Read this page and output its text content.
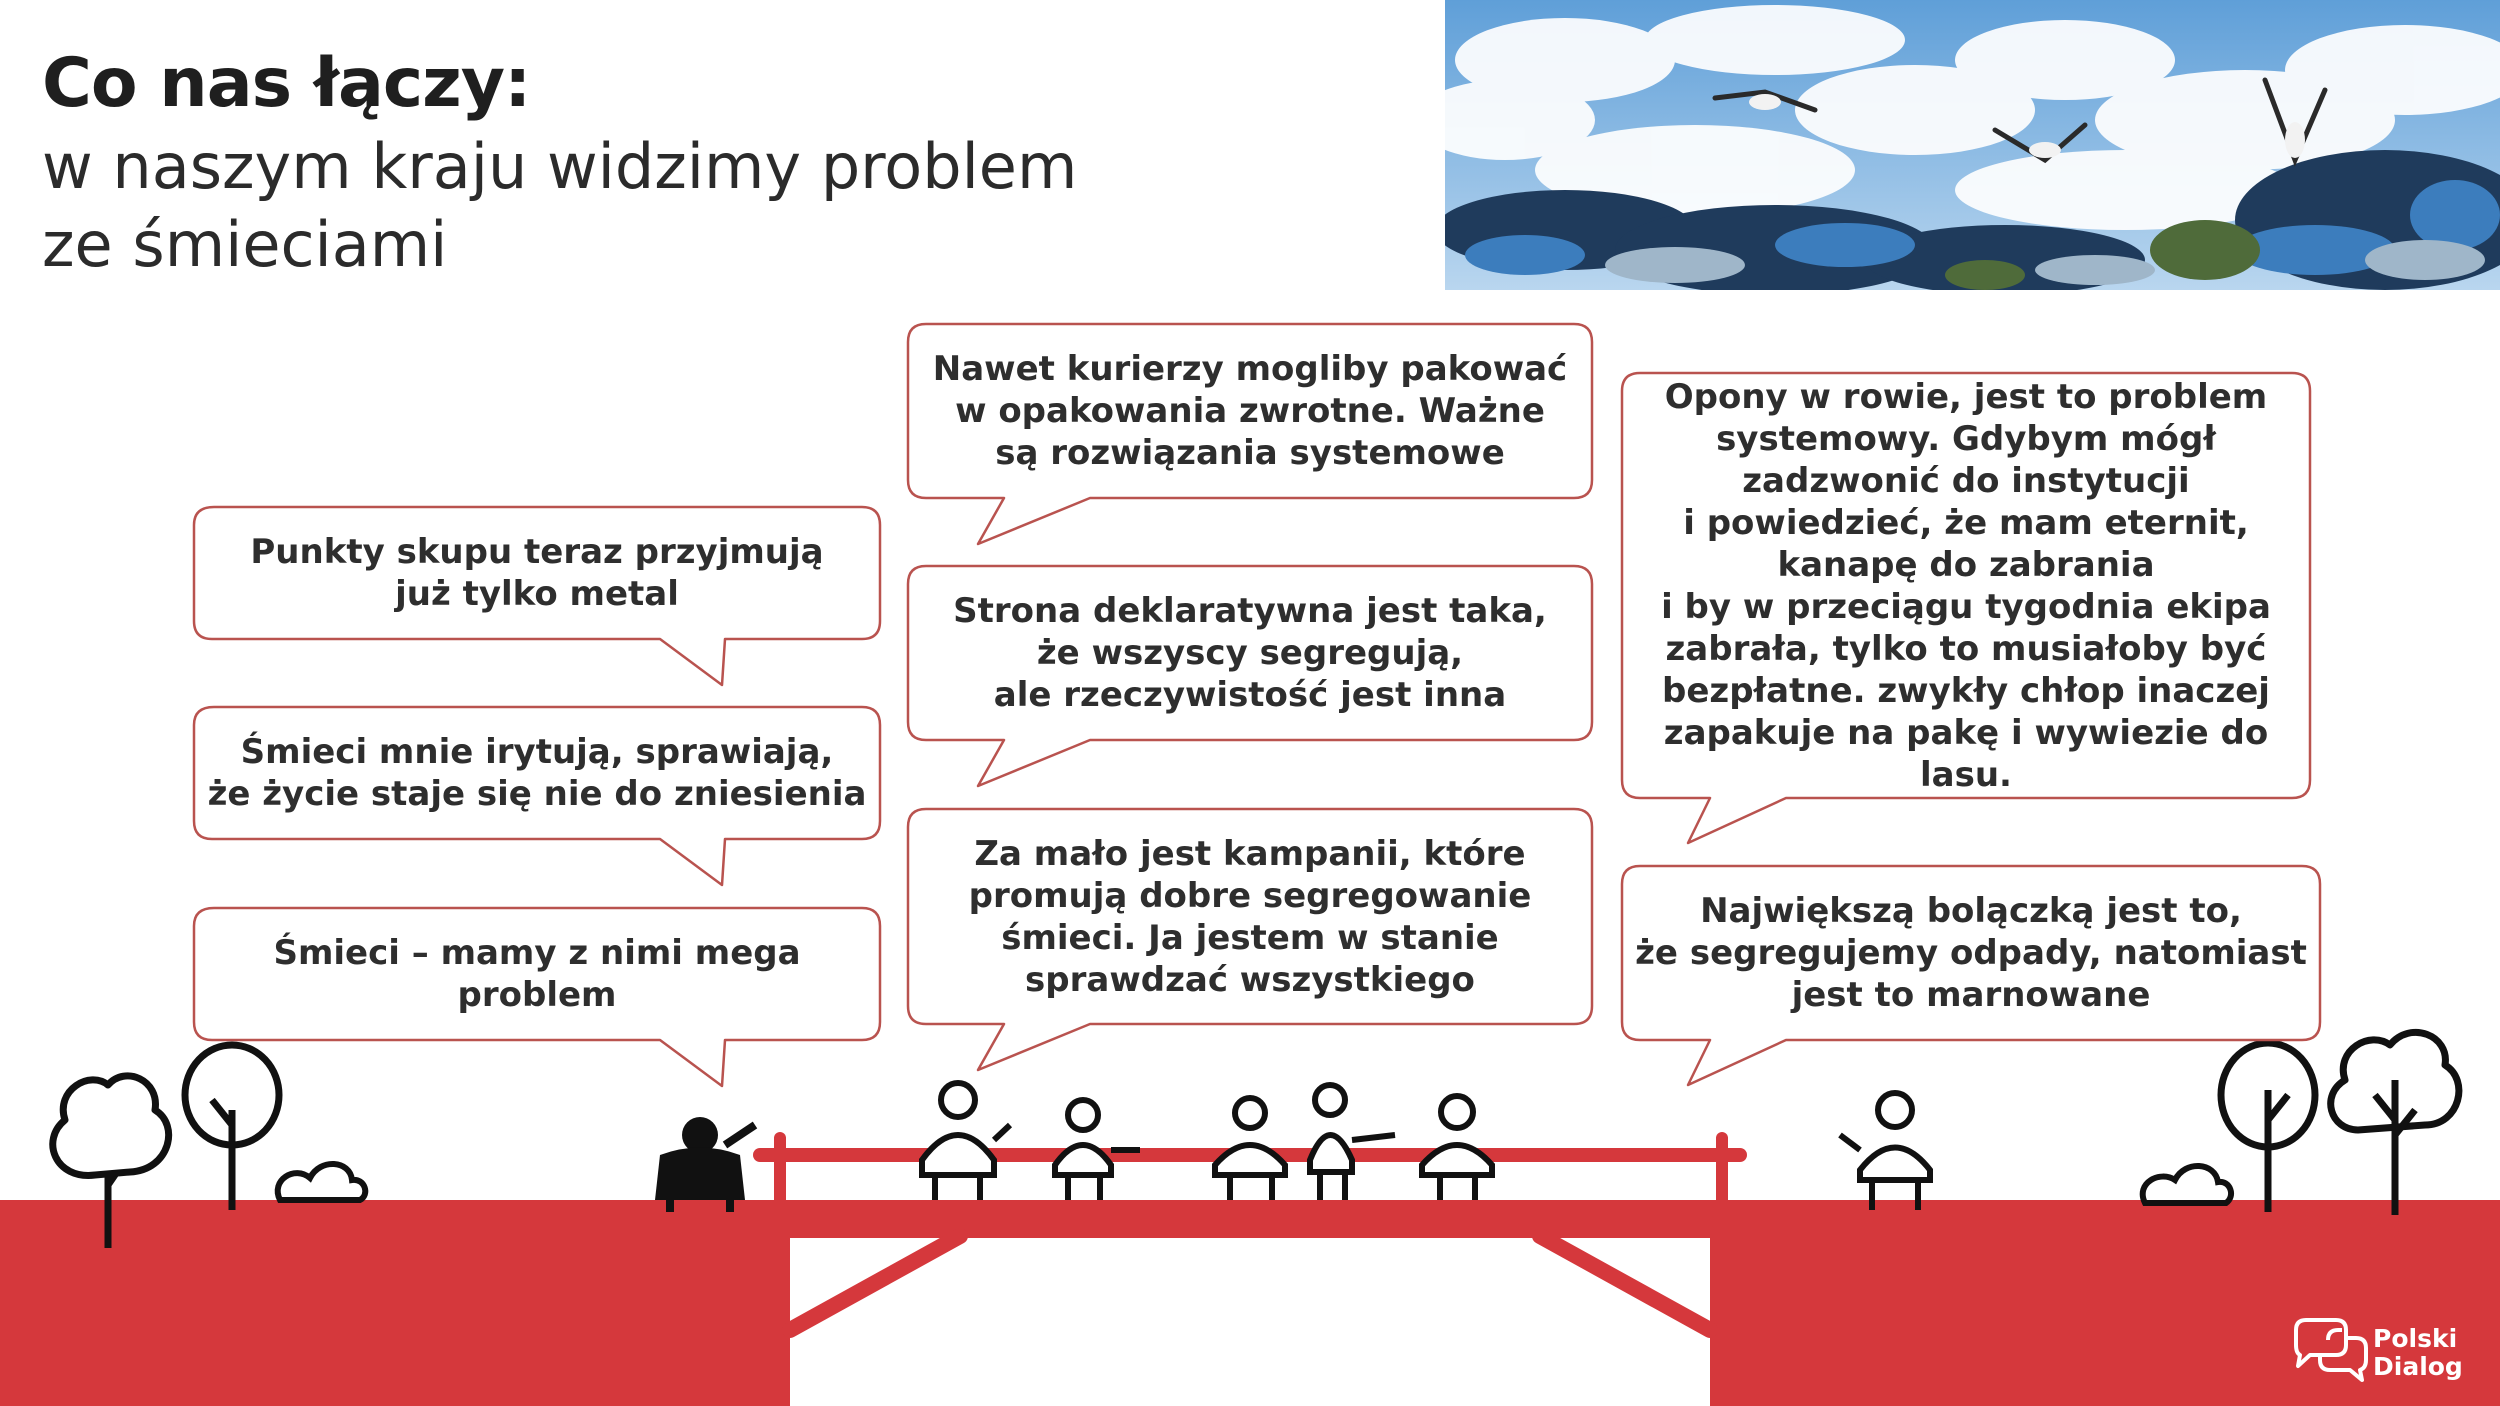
Co nas łączy:
w naszym kraju widzimy problem
ze śmieciami
Punkty skupu teraz przyjmują
już tylko metal
Śmieci mnie irytują, sprawiają,
że życie staje się nie do zniesienia
Śmieci – mamy z nimi mega
problem
Nawet kurierzy mogliby pakować
w opakowania zwrotne. Ważne
są rozwiązania systemowe
Strona deklaratywna jest taka,
że wszyscy segregują,
ale rzeczywistość jest inna
Za mało jest kampanii, które
promują dobre segregowanie
śmieci. Ja jestem w stanie
sprawdzać wszystkiego
Opony w rowie, jest to problem
systemowy. Gdybym mógł
zadzwonić do instytucji
i powiedzieć, że mam eternit,
kanapę do zabrania
i by w przeciągu tygodnia ekipa
zabrała, tylko to musiałoby być
bezpłatne. zwykły chłop inaczej
zapakuje na pakę i wywiezie do lasu.
Największą bolączką jest to,
że segregujemy odpady, natomiast
jest to marnowane
Polski
Dialog
